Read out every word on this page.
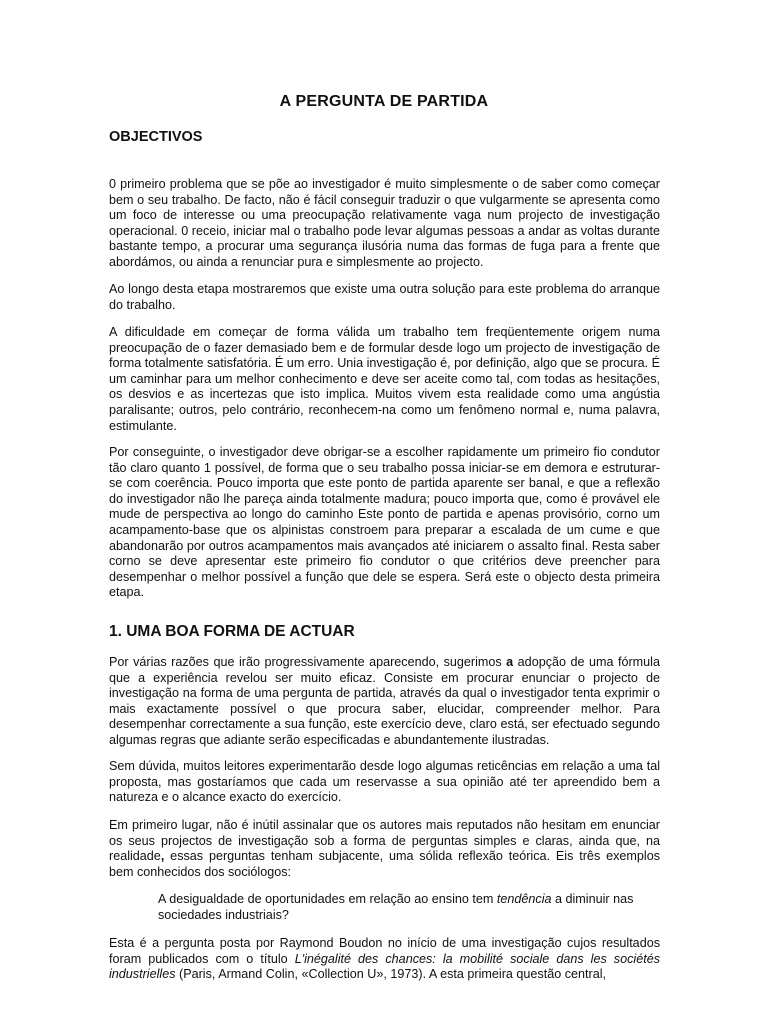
A PERGUNTA DE PARTIDA
OBJECTIVOS
0 primeiro problema que se põe ao investigador é muito simplesmente o de saber como começar bem o seu trabalho. De facto, não é fácil conseguir traduzir o que vulgarmente se apresenta como um foco de interesse ou uma preocupação relativamente vaga num projecto de investigação operacional. 0 receio, iniciar mal o trabalho pode levar algumas pessoas a andar as voltas durante bastante tempo, a procurar uma segurança ilusória numa das formas de fuga para a frente que abordámos, ou ainda a renunciar pura e simplesmente ao projecto.
Ao longo desta etapa mostraremos que existe uma outra solução para este problema do arranque do trabalho.
A dificuldade em começar de forma válida um trabalho tem freqüentemente origem numa preocupação de o fazer demasiado bem e de formular desde logo um projecto de investigação de forma totalmente satisfatória. É um erro. Unia investigação é, por definição, algo que se procura. É um caminhar para um melhor conhecimento e deve ser aceite como tal, com todas as hesitações, os desvios e as incertezas que isto implica. Muitos vivem esta realidade como uma angústia paralisante; outros, pelo contrário, reconhecem-na como um fenômeno normal e, numa palavra, estimulante.
Por conseguinte, o investigador deve obrigar-se a escolher rapidamente um primeiro fio condutor tão claro quanto 1 possível, de forma que o seu trabalho possa iniciar-se em demora e estruturar-se com coerência. Pouco importa que este ponto de partida aparente ser banal, e que a reflexão do investigador não lhe pareça ainda totalmente madura; pouco importa que, como é provável ele mude de perspectiva ao longo do caminho Este ponto de partida e apenas provisório, corno um acampamento-base que os alpinistas constroem para preparar a escalada de um cume e que abandonarão por outros acampamentos mais avançados até iniciarem o assalto final. Resta saber corno se deve apresentar este primeiro fio condutor o que critérios deve preencher para desempenhar o melhor possível a função que dele se espera. Será este o objecto desta primeira etapa.
1. UMA BOA FORMA DE ACTUAR
Por várias razões que irão progressivamente aparecendo, sugerimos a adopção de uma fórmula que a experiência revelou ser muito eficaz. Consiste em procurar enunciar o projecto de investigação na forma de uma pergunta de partida, através da qual o investigador tenta exprimir o mais exactamente possível o que procura saber, elucidar, compreender melhor. Para desempenhar correctamente a sua função, este exercício deve, claro está, ser efectuado segundo algumas regras que adiante serão especificadas e abundantemente ilustradas.
Sem dúvida, muitos leitores experimentarão desde logo algumas reticências em relação a uma tal proposta, mas gostaríamos que cada um reservasse a sua opinião até ter apreendido bem a natureza e o alcance exacto do exercício.
Em primeiro lugar, não é inútil assinalar que os autores mais reputados não hesitam em enunciar os seus projectos de investigação sob a forma de perguntas simples e claras, ainda que, na realidade, essas perguntas tenham subjacente, uma sólida reflexão teórica. Eis três exemplos bem conhecidos dos sociólogos:
A desigualdade de oportunidades em relação ao ensino tem tendência a diminuir nas sociedades industriais?
Esta é a pergunta posta por Raymond Boudon no início de uma investigação cujos resultados foram publicados com o título L'inégalité des chances: la mobilité sociale dans les sociétés industrielles (Paris, Armand Colin, «Collection U», 1973). A esta primeira questão central,
